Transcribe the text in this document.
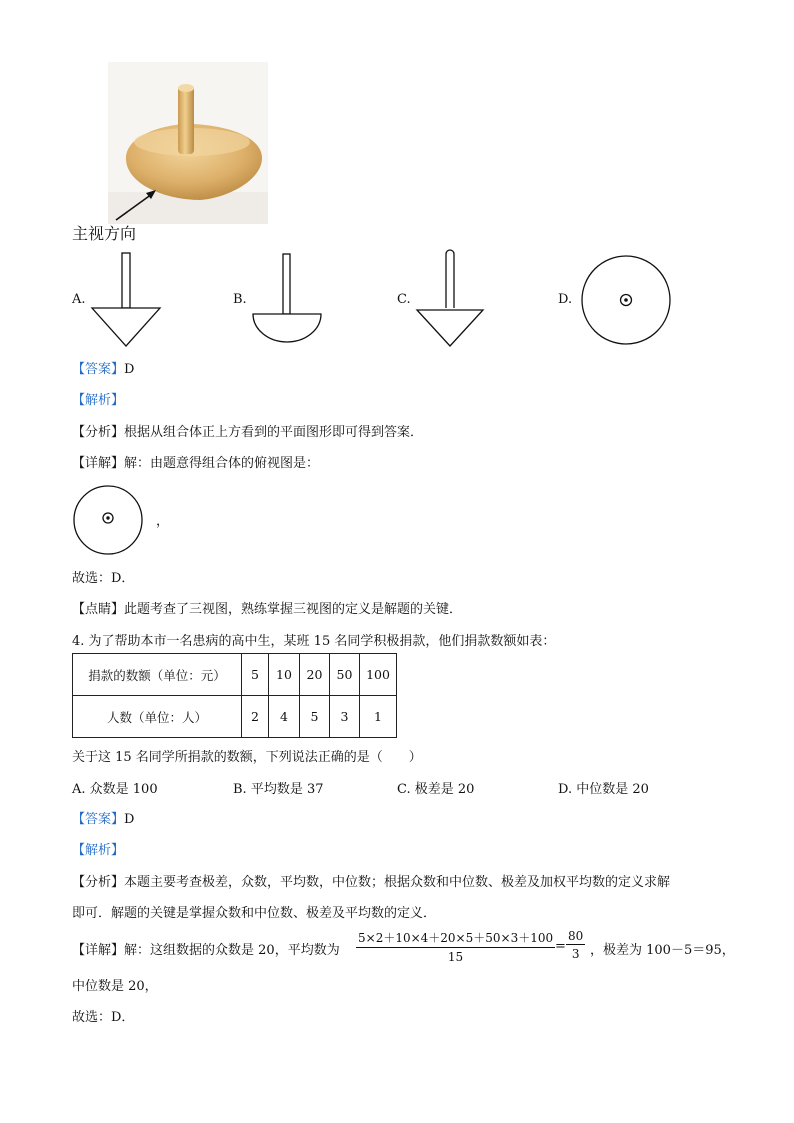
主视方向
A.	B.	C.	D.
【答案】D
【解析】
【分析】根据从组合体正上方看到的平面图形即可得到答案．
【详解】解：由题意得组合体的俯视图是：
，
故选：D．
【点睛】此题考查了三视图，熟练掌握三视图的定义是解题的关键．
4. 为了帮助本市一名患病的高中生，某班 15 名同学积极捐款，他们捐款数额如表：
捐款的数额（单位：元）	5	10	20	50	100
人数（单位：人）	2	4	5	3	1
关于这 15 名同学所捐款的数额，下列说法正确的是（　　）
A. 众数是 100	B. 平均数是 37	C. 极差是 20	D. 中位数是 20
【答案】D
【解析】
【分析】本题主要考查极差，众数，平均数，中位数；根据众数和中位数、极差及加权平均数的定义求解
即可．解题的关键是掌握众数和中位数、极差及平均数的定义．
【详解】解：这组数据的众数是 20，平均数为 $\frac{5\times 2+10\times 4+20\times 5+50\times 3+100}{15} = \frac{80}{3}$ ，极差为 100－5＝95，
中位数是 20，
故选：D．
